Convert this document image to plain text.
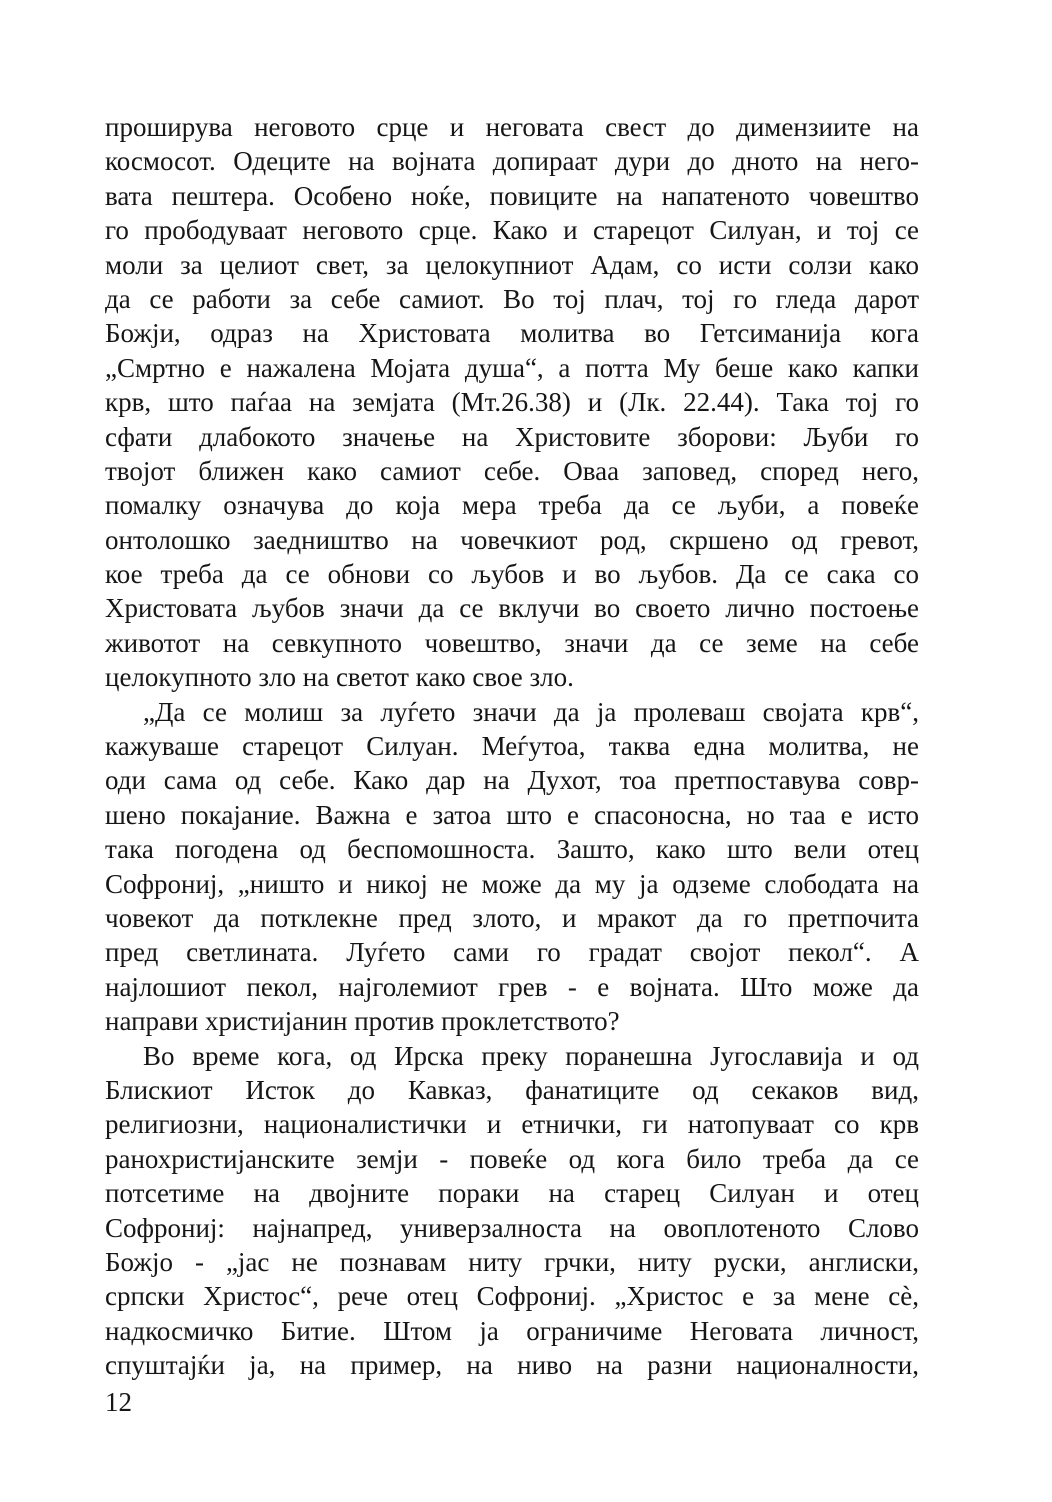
проширува неговото срце и неговата свест до димензиите на
космосот. Одеците на војната допираат дури до дното на него-
вата пештера. Особено ноќе, повиците на напатеното човештво
го прободуваат неговото срце. Како и старецот Силуан, и тој се
моли за целиот свет, за целокупниот Адам, со исти солзи како
да се работи за себе самиот. Во тој плач, тој го гледа дарот
Божји, одраз на Христовата молитва во Гетсиманија кога
„Смртно е нажалена Мојата душа“, а потта Му беше како капки
крв, што паѓаа на земјата (Мт.26.38) и (Лк. 22.44). Така тој го
сфати длабокото значење на Христовите зборови: Љуби го
твојот ближен како самиот себе. Оваа заповед, според него,
помалку означува до која мера треба да се љуби, а повеќе
онтолошко заедништво на човечкиот род, скршено од гревот,
кое треба да се обнови со љубов и во љубов. Да се сака со
Христовата љубов значи да се вклучи во своето лично постоење
животот на севкупното човештво, значи да се земе на себе
целокупното зло на светот како свое зло.
„Да се молиш за луѓето значи да ја пролеваш својата крв“,
кажуваше старецот Силуан. Меѓутоа, таква една молитва, не
оди сама од себе. Како дар на Духот, тоа претпоставува совр-
шено покајание. Важна е затоа што е спасоносна, но таа е исто
така погодена од беспомошноста. Зашто, како што вели отец
Софрониј, „ништо и никој не може да му ја одземе слободата на
човекот да потклекне пред злото, и мракот да го претпочита
пред светлината. Луѓето сами го градат својот пекол“. А
најлошиот пекол, најголемиот грев - е војната. Што може да
направи христијанин против проклетството?
Во време кога, од Ирска преку поранешна Југославија и од
Блискиот Исток до Кавказ, фанатиците од секаков вид,
религиозни, националистички и етнички, ги натопуваат со крв
ранохристијанските земји - повеќе од кога било треба да се
потсетиме на двојните пораки на старец Силуан и отец
Софрониј: најнапред, универзалноста на овоплотеното Слово
Божјо - „јас не познавам ниту грчки, ниту руски, англиски,
српски Христос“, рече отец Софрониј. „Христос е за мене сѐ,
надкосмичко Битие. Штом ја ограничиме Неговата личност,
спуштајќи ја, на пример, на ниво на разни националности,
12
